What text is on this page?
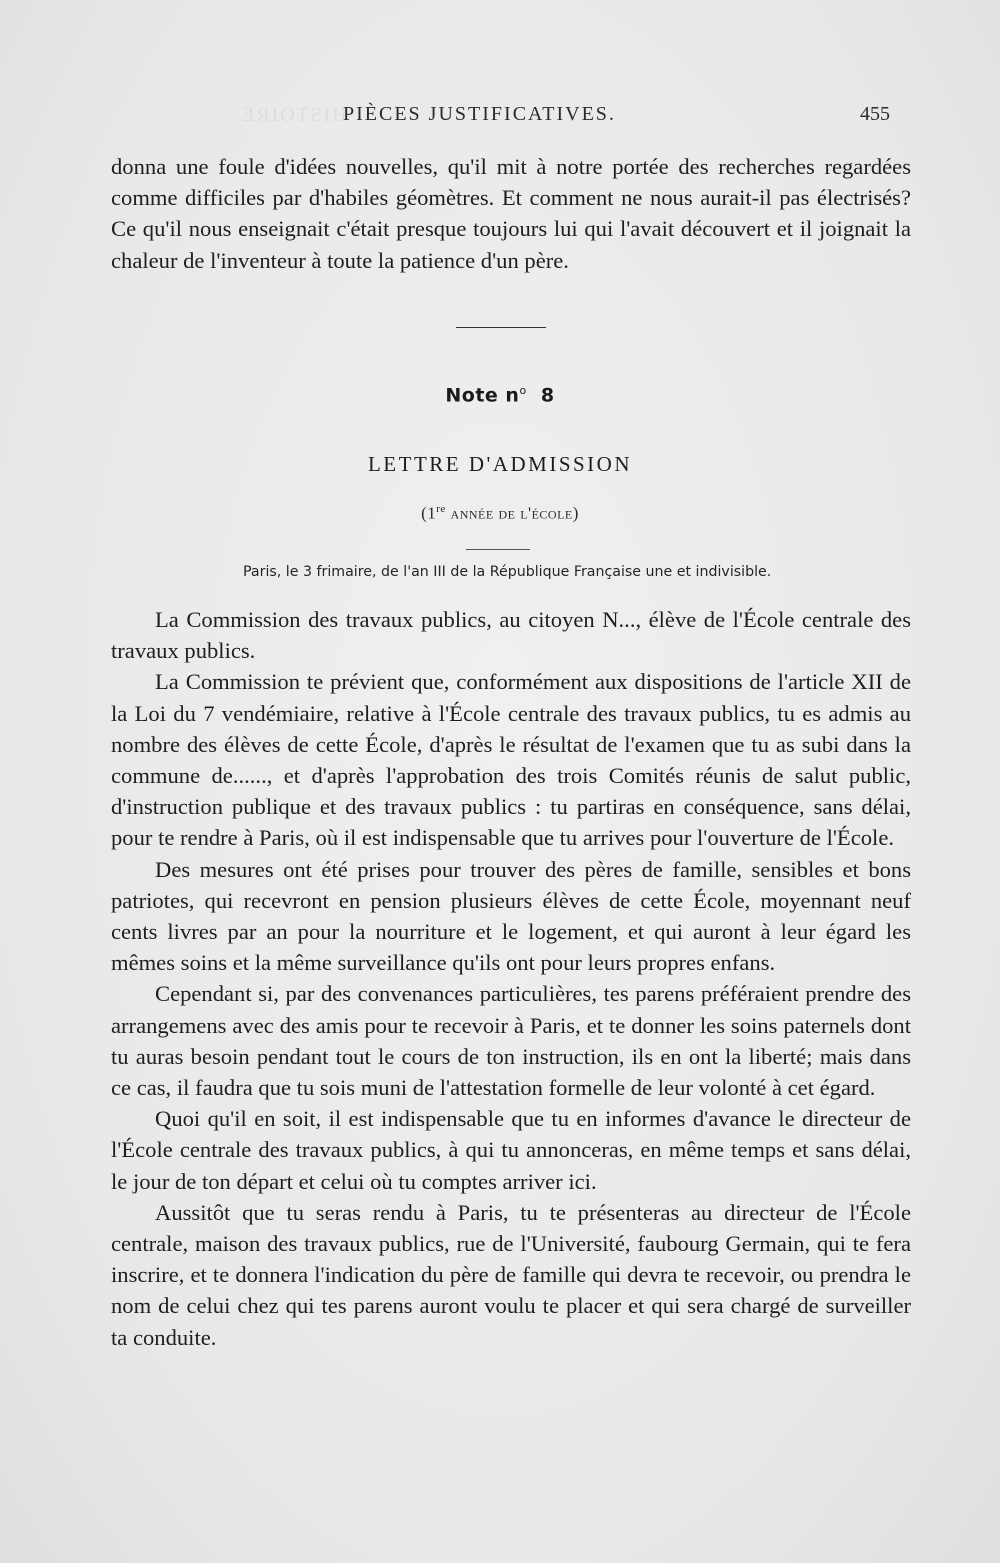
HISTOIRE
PIÈCES JUSTIFICATIVES.	455

donna une foule d'idées nouvelles, qu'il mit à notre portée des recherches regardées comme difficiles par d'habiles géomètres. Et comment ne nous aurait-il pas électrisés? Ce qu'il nous enseignait c'était presque toujours lui qui l'avait découvert et il joignait la chaleur de l'inventeur à toute la patience d'un père.

Note $n^o$ 8
LETTRE D'ADMISSION
(1re année de l'école)
Paris, le 3 frimaire, de l'an III de la République Française une et indivisible.

La Commission des travaux publics, au citoyen N..., élève de l'École centrale des travaux publics.

La Commission te prévient que, conformément aux dispositions de l'article XII de la Loi du 7 vendémiaire, relative à l'École centrale des travaux publics, tu es admis au nombre des élèves de cette École, d'après le résultat de l'examen que tu as subi dans la commune de......, et d'après l'approbation des trois Comités réunis de salut public, d'instruction publique et des travaux publics : tu partiras en conséquence, sans délai, pour te rendre à Paris, où il est indispensable que tu arrives pour l'ouverture de l'École.

Des mesures ont été prises pour trouver des pères de famille, sensibles et bons patriotes, qui recevront en pension plusieurs élèves de cette École, moyennant neuf cents livres par an pour la nourriture et le logement, et qui auront à leur égard les mêmes soins et la même surveillance qu'ils ont pour leurs propres enfans.

Cependant si, par des convenances particulières, tes parens préféraient prendre des arrangemens avec des amis pour te recevoir à Paris, et te donner les soins paternels dont tu auras besoin pendant tout le cours de ton instruction, ils en ont la liberté; mais dans ce cas, il faudra que tu sois muni de l'attestation formelle de leur volonté à cet égard.

Quoi qu'il en soit, il est indispensable que tu en informes d'avance le directeur de l'École centrale des travaux publics, à qui tu annonceras, en même temps et sans délai, le jour de ton départ et celui où tu comptes arriver ici.

Aussitôt que tu seras rendu à Paris, tu te présenteras au directeur de l'École centrale, maison des travaux publics, rue de l'Université, faubourg Germain, qui te fera inscrire, et te donnera l'indication du père de famille qui devra te recevoir, ou prendra le nom de celui chez qui tes parens auront voulu te placer et qui sera chargé de surveiller ta conduite.
